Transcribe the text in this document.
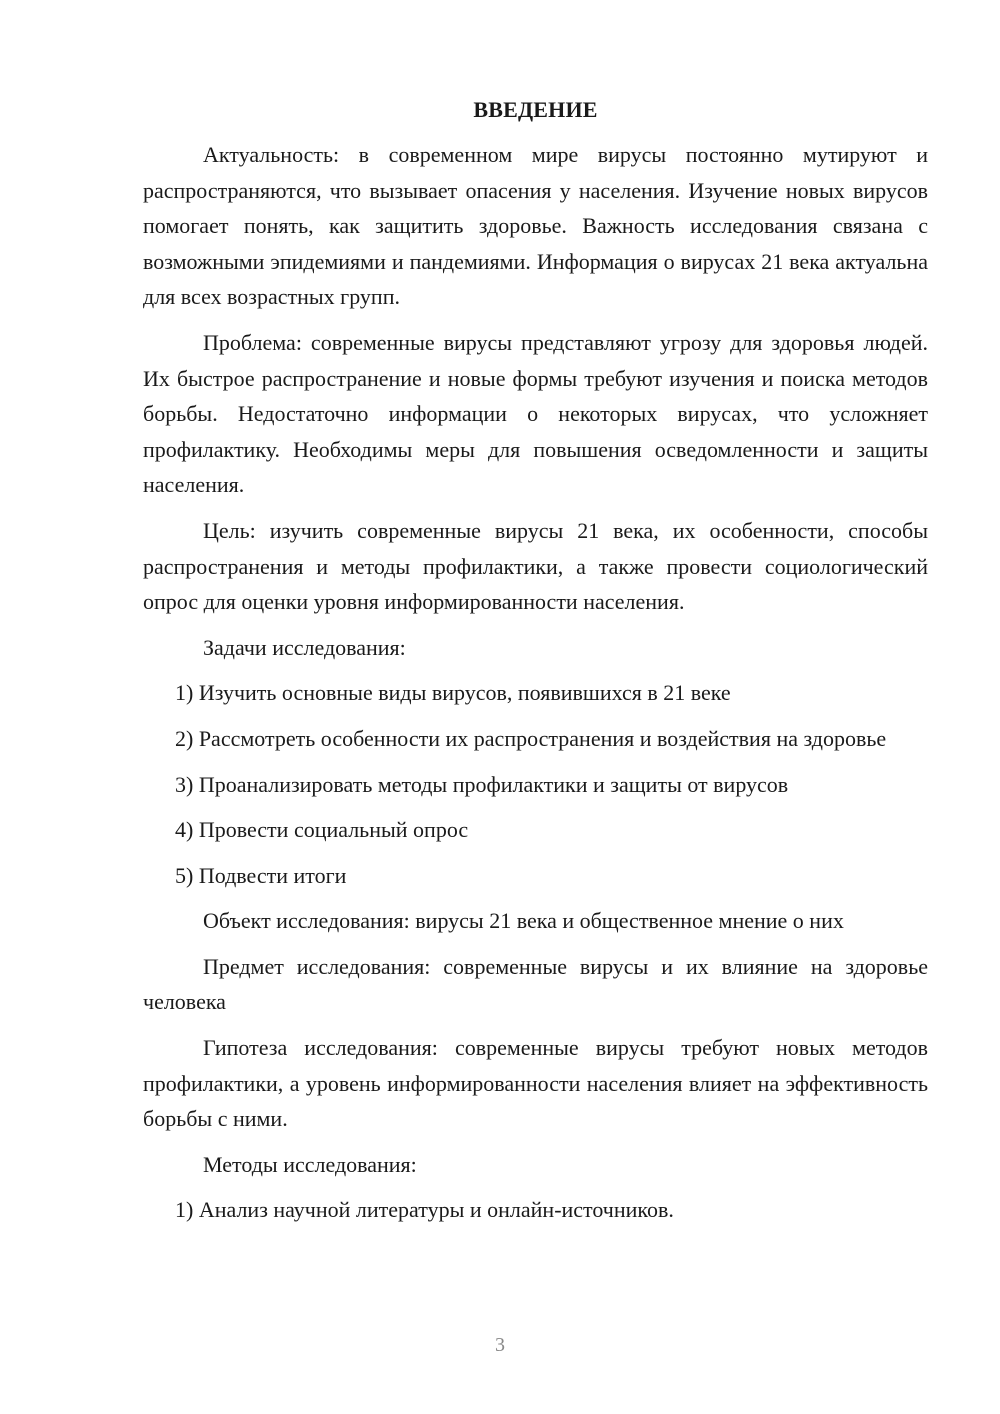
ВВЕДЕНИЕ

Актуальность: в современном мире вирусы постоянно мутируют и распространяются, что вызывает опасения у населения. Изучение новых вирусов помогает понять, как защитить здоровье. Важность исследования связана с возможными эпидемиями и пандемиями. Информация о вирусах 21 века актуальна для всех возрастных групп.

Проблема: современные вирусы представляют угрозу для здоровья людей. Их быстрое распространение и новые формы требуют изучения и поиска методов борьбы. Недостаточно информации о некоторых вирусах, что усложняет профилактику. Необходимы меры для повышения осведомленности и защиты населения.

Цель: изучить современные вирусы 21 века, их особенности, способы распространения и методы профилактики, а также провести социологический опрос для оценки уровня информированности населения.

Задачи исследования:

1) Изучить основные виды вирусов, появившихся в 21 веке

2) Рассмотреть особенности их распространения и воздействия на здоровье

3) Проанализировать методы профилактики и защиты от вирусов

4) Провести социальный опрос

5) Подвести итоги

Объект исследования: вирусы 21 века и общественное мнение о них

Предмет исследования: современные вирусы и их влияние на здоровье человека

Гипотеза исследования: современные вирусы требуют новых методов профилактики, а уровень информированности населения влияет на эффективность борьбы с ними.

Методы исследования:

1) Анализ научной литературы и онлайн-источников.

3
